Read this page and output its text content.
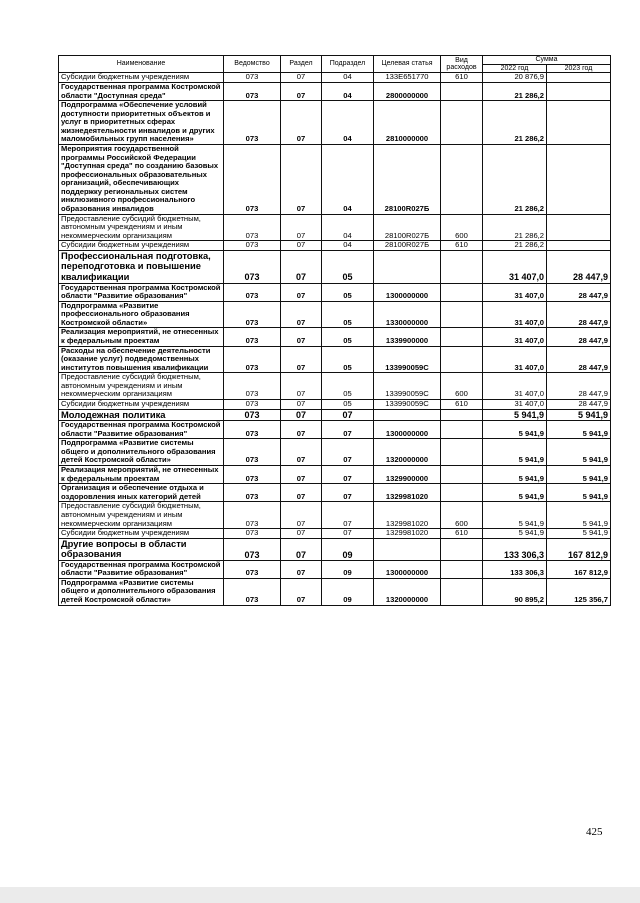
Наименование	Ведомство	Раздел	Подраздел	Целевая статья	Вид расходов	Сумма	
						2022 год	2023 год
Субсидии бюджетным учреждениям	073	07	04	133E651770	610	20 876,9	
Государственная программа Костромской области "Доступная среда"	073	07	04	2800000000		21 286,2	
Подпрограмма «Обеспечение условий доступности приоритетных объектов и услуг в приоритетных сферах жизнедеятельности инвалидов и других маломобильных групп населения»	073	07	04	2810000000		21 286,2	
Мероприятия государственной программы Российской Федерации "Доступная среда" по созданию базовых профессиональных образовательных организаций, обеспечивающих поддержку региональных систем инклюзивного профессионального образования инвалидов	073	07	04	28100R027Б		21 286,2	
Предоставление субсидий бюджетным, автономным учреждениям и иным некоммерческим организациям	073	07	04	28100R027Б	600	21 286,2	
Субсидии бюджетным учреждениям	073	07	04	28100R027Б	610	21 286,2	
Профессиональная подготовка, переподготовка и повышение квалификации	073	07	05			31 407,0	28 447,9
Государственная программа Костромской области "Развитие образования"	073	07	05	1300000000		31 407,0	28 447,9
Подпрограмма «Развитие профессионального образования Костромской области»	073	07	05	1330000000		31 407,0	28 447,9
Реализация мероприятий, не отнесенных к федеральным проектам	073	07	05	1339900000		31 407,0	28 447,9
Расходы на обеспечение деятельности (оказание услуг) подведомственных институтов повышения квалификации	073	07	05	133990059С		31 407,0	28 447,9
Предоставление субсидий бюджетным, автономным учреждениям и иным некоммерческим организациям	073	07	05	133990059С	600	31 407,0	28 447,9
Субсидии бюджетным учреждениям	073	07	05	133990059С	610	31 407,0	28 447,9
Молодежная политика	073	07	07			5 941,9	5 941,9
Государственная программа Костромской области "Развитие образования"	073	07	07	1300000000		5 941,9	5 941,9
Подпрограмма «Развитие системы общего и дополнительного образования детей Костромской области»	073	07	07	1320000000		5 941,9	5 941,9
Реализация мероприятий, не отнесенных к федеральным проектам	073	07	07	1329900000		5 941,9	5 941,9
Организация и обеспечение отдыха и оздоровления иных категорий детей	073	07	07	1329981020		5 941,9	5 941,9
Предоставление субсидий бюджетным, автономным учреждениям и иным некоммерческим организациям	073	07	07	1329981020	600	5 941,9	5 941,9
Субсидии бюджетным учреждениям	073	07	07	1329981020	610	5 941,9	5 941,9
Другие вопросы в области образования	073	07	09			133 306,3	167 812,9
Государственная программа Костромской области "Развитие образования"	073	07	09	1300000000		133 306,3	167 812,9
Подпрограмма «Развитие системы общего и дополнительного образования детей Костромской области»	073	07	09	1320000000		90 895,2	125 356,7
425
